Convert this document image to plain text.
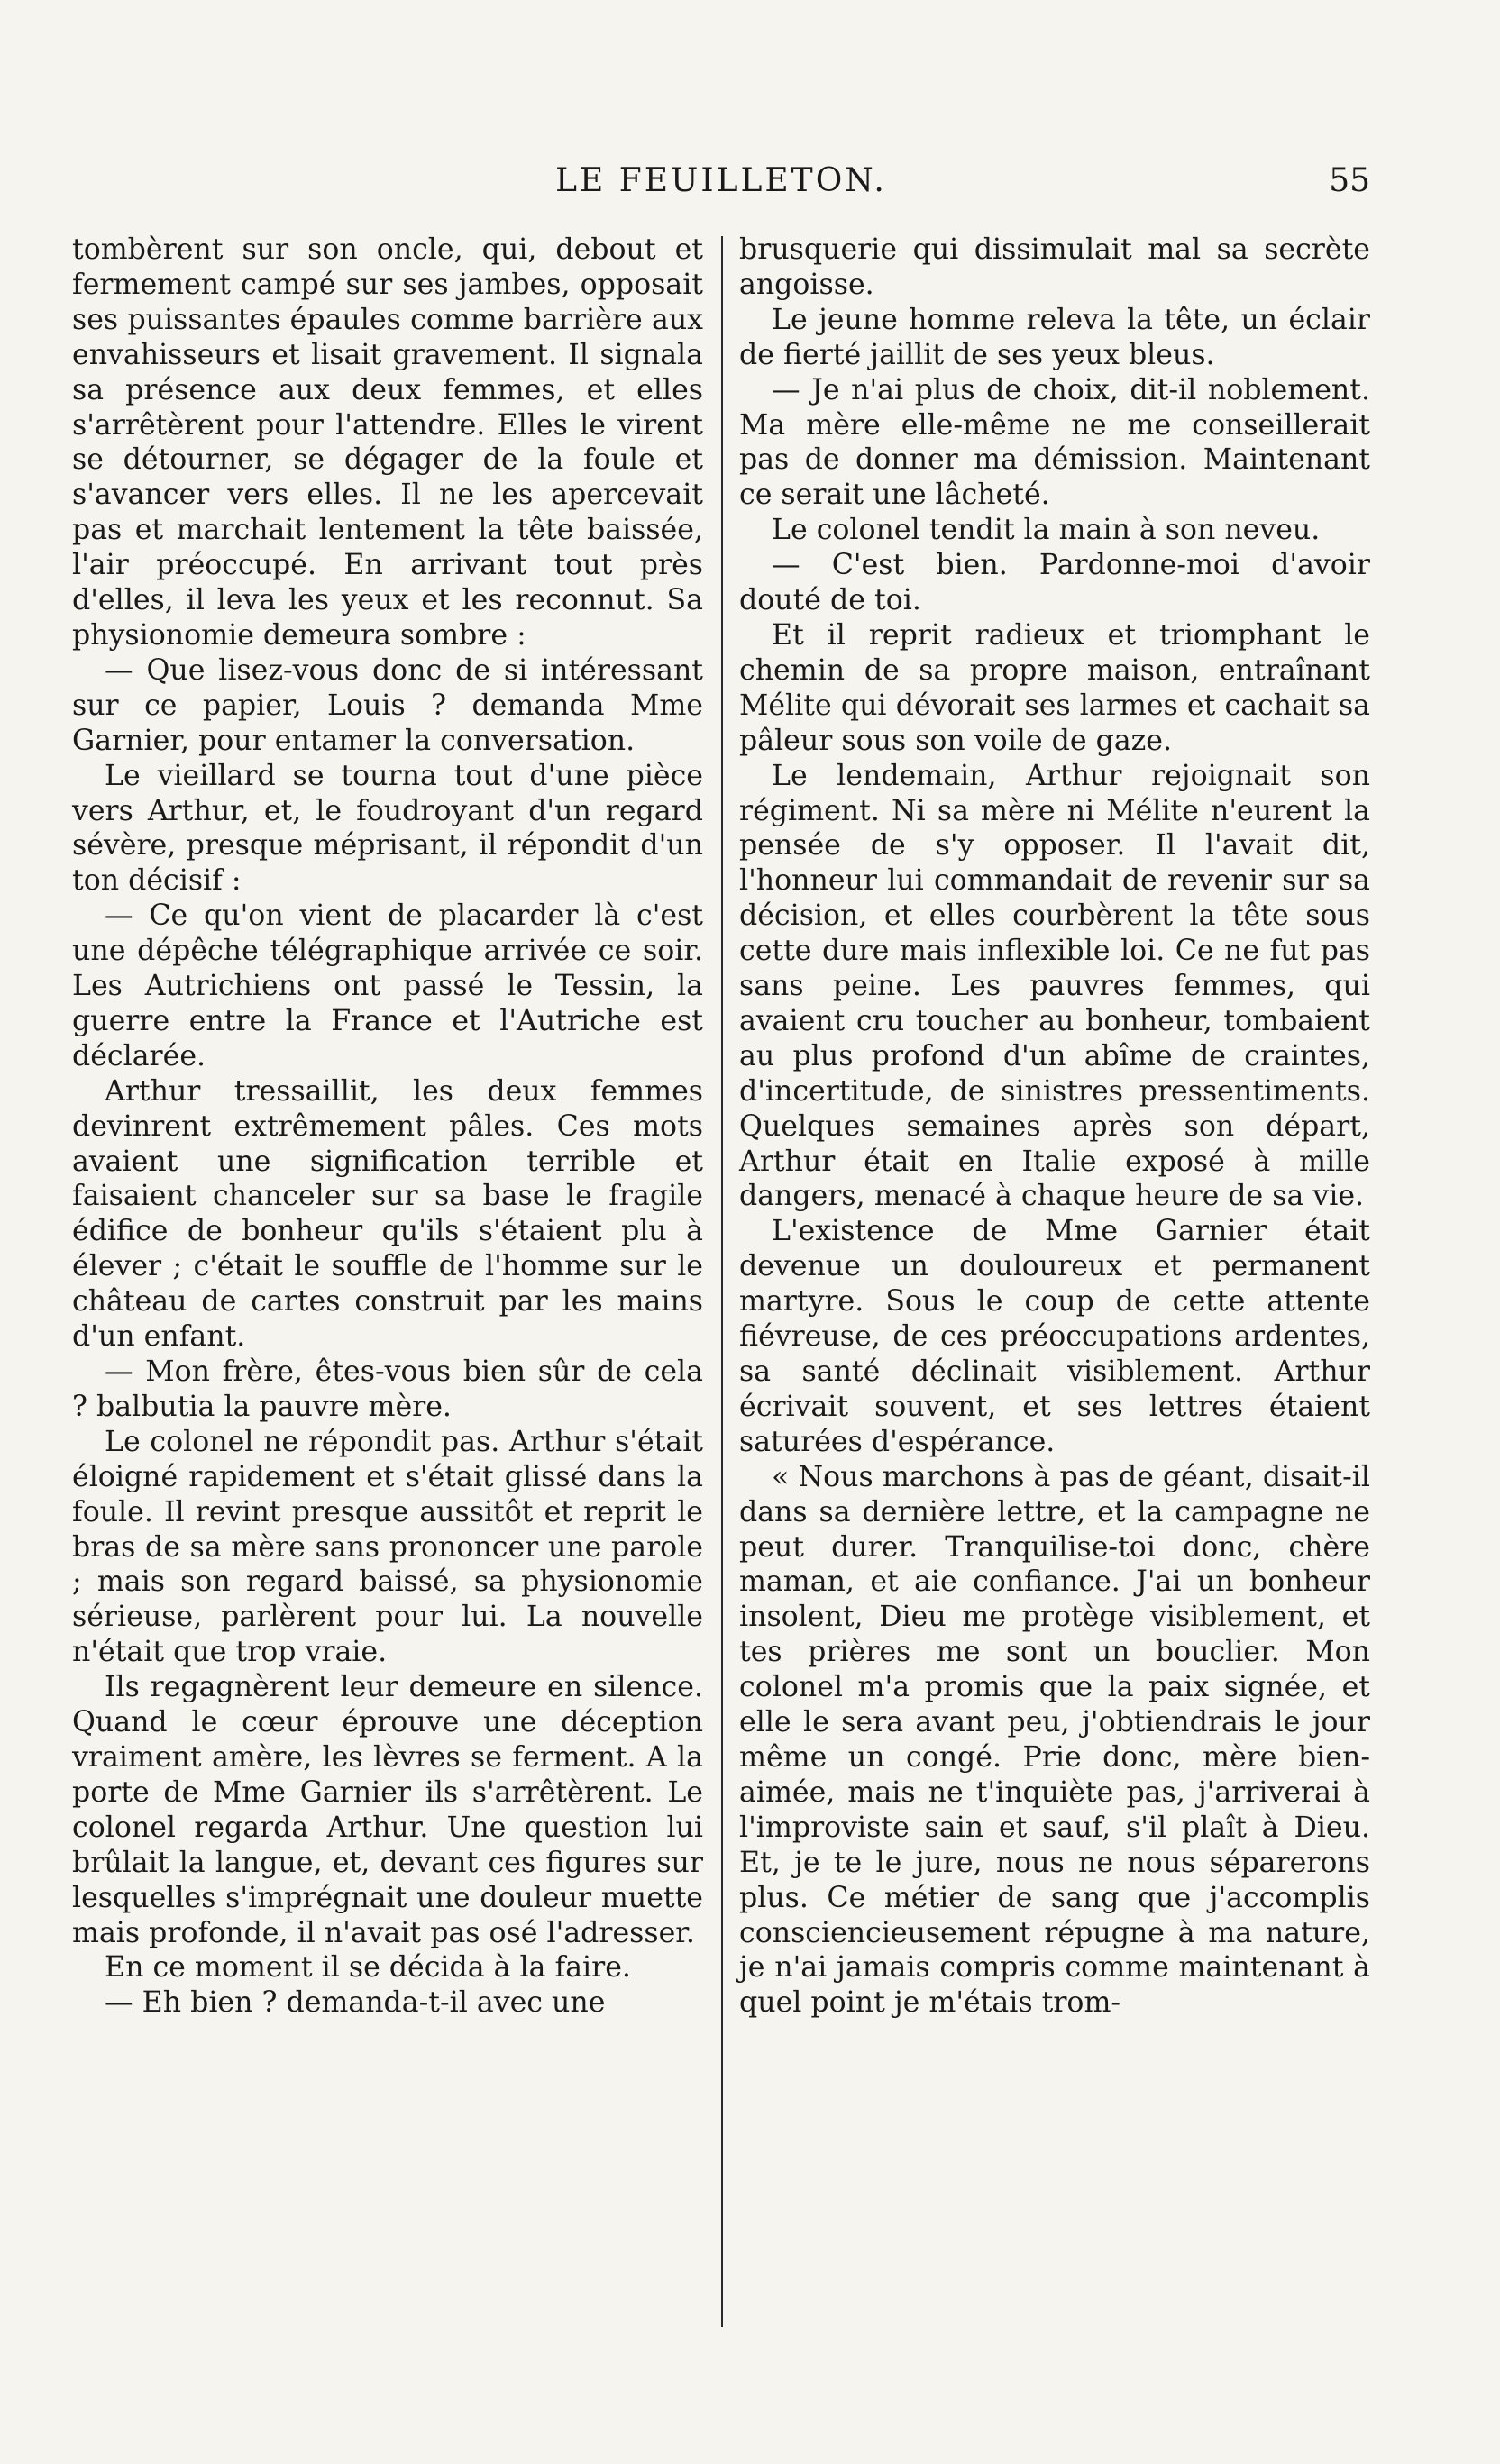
LE FEUILLETON.	55

tombèrent sur son oncle, qui, debout et fermement campé sur ses jambes, opposait ses puissantes épaules comme barrière aux envahisseurs et lisait gravement. Il signala sa présence aux deux femmes, et elles s'arrêtèrent pour l'attendre. Elles le virent se détourner, se dégager de la foule et s'avancer vers elles. Il ne les apercevait pas et marchait lentement la tête baissée, l'air préoccupé. En arrivant tout près d'elles, il leva les yeux et les reconnut. Sa physionomie demeura sombre :

— Que lisez-vous donc de si intéressant sur ce papier, Louis ? demanda Mme Garnier, pour entamer la conversation.

Le vieillard se tourna tout d'une pièce vers Arthur, et, le foudroyant d'un regard sévère, presque méprisant, il répondit d'un ton décisif :

— Ce qu'on vient de placarder là c'est une dépêche télégraphique arrivée ce soir. Les Autrichiens ont passé le Tessin, la guerre entre la France et l'Autriche est déclarée.

Arthur tressaillit, les deux femmes devinrent extrêmement pâles. Ces mots avaient une signification terrible et faisaient chanceler sur sa base le fragile édifice de bonheur qu'ils s'étaient plu à élever ; c'était le souffle de l'homme sur le château de cartes construit par les mains d'un enfant.

— Mon frère, êtes-vous bien sûr de cela ? balbutia la pauvre mère.

Le colonel ne répondit pas. Arthur s'était éloigné rapidement et s'était glissé dans la foule. Il revint presque aussitôt et reprit le bras de sa mère sans prononcer une parole ; mais son regard baissé, sa physionomie sérieuse, parlèrent pour lui. La nouvelle n'était que trop vraie.

Ils regagnèrent leur demeure en silence. Quand le cœur éprouve une déception vraiment amère, les lèvres se ferment. A la porte de Mme Garnier ils s'arrêtèrent. Le colonel regarda Arthur. Une question lui brûlait la langue, et, devant ces figures sur lesquelles s'imprégnait une douleur muette mais profonde, il n'avait pas osé l'adresser.

En ce moment il se décida à la faire.

— Eh bien ? demanda-t-il avec une

brusquerie qui dissimulait mal sa secrète angoisse.

Le jeune homme releva la tête, un éclair de fierté jaillit de ses yeux bleus.

— Je n'ai plus de choix, dit-il noblement. Ma mère elle-même ne me conseillerait pas de donner ma démission. Maintenant ce serait une lâcheté.

Le colonel tendit la main à son neveu.

— C'est bien. Pardonne-moi d'avoir douté de toi.

Et il reprit radieux et triomphant le chemin de sa propre maison, entraînant Mélite qui dévorait ses larmes et cachait sa pâleur sous son voile de gaze.

Le lendemain, Arthur rejoignait son régiment. Ni sa mère ni Mélite n'eurent la pensée de s'y opposer. Il l'avait dit, l'honneur lui commandait de revenir sur sa décision, et elles courbèrent la tête sous cette dure mais inflexible loi. Ce ne fut pas sans peine. Les pauvres femmes, qui avaient cru toucher au bonheur, tombaient au plus profond d'un abîme de craintes, d'incertitude, de sinistres pressentiments. Quelques semaines après son départ, Arthur était en Italie exposé à mille dangers, menacé à chaque heure de sa vie.

L'existence de Mme Garnier était devenue un douloureux et permanent martyre. Sous le coup de cette attente fiévreuse, de ces préoccupations ardentes, sa santé déclinait visiblement. Arthur écrivait souvent, et ses lettres étaient saturées d'espérance.

« Nous marchons à pas de géant, disait-il dans sa dernière lettre, et la campagne ne peut durer. Tranquilise-toi donc, chère maman, et aie confiance. J'ai un bonheur insolent, Dieu me protège visiblement, et tes prières me sont un bouclier. Mon colonel m'a promis que la paix signée, et elle le sera avant peu, j'obtiendrais le jour même un congé. Prie donc, mère bien-aimée, mais ne t'inquiète pas, j'arriverai à l'improviste sain et sauf, s'il plaît à Dieu. Et, je te le jure, nous ne nous séparerons plus. Ce métier de sang que j'accomplis consciencieusement répugne à ma nature, je n'ai jamais compris comme maintenant à quel point je m'étais trom-
